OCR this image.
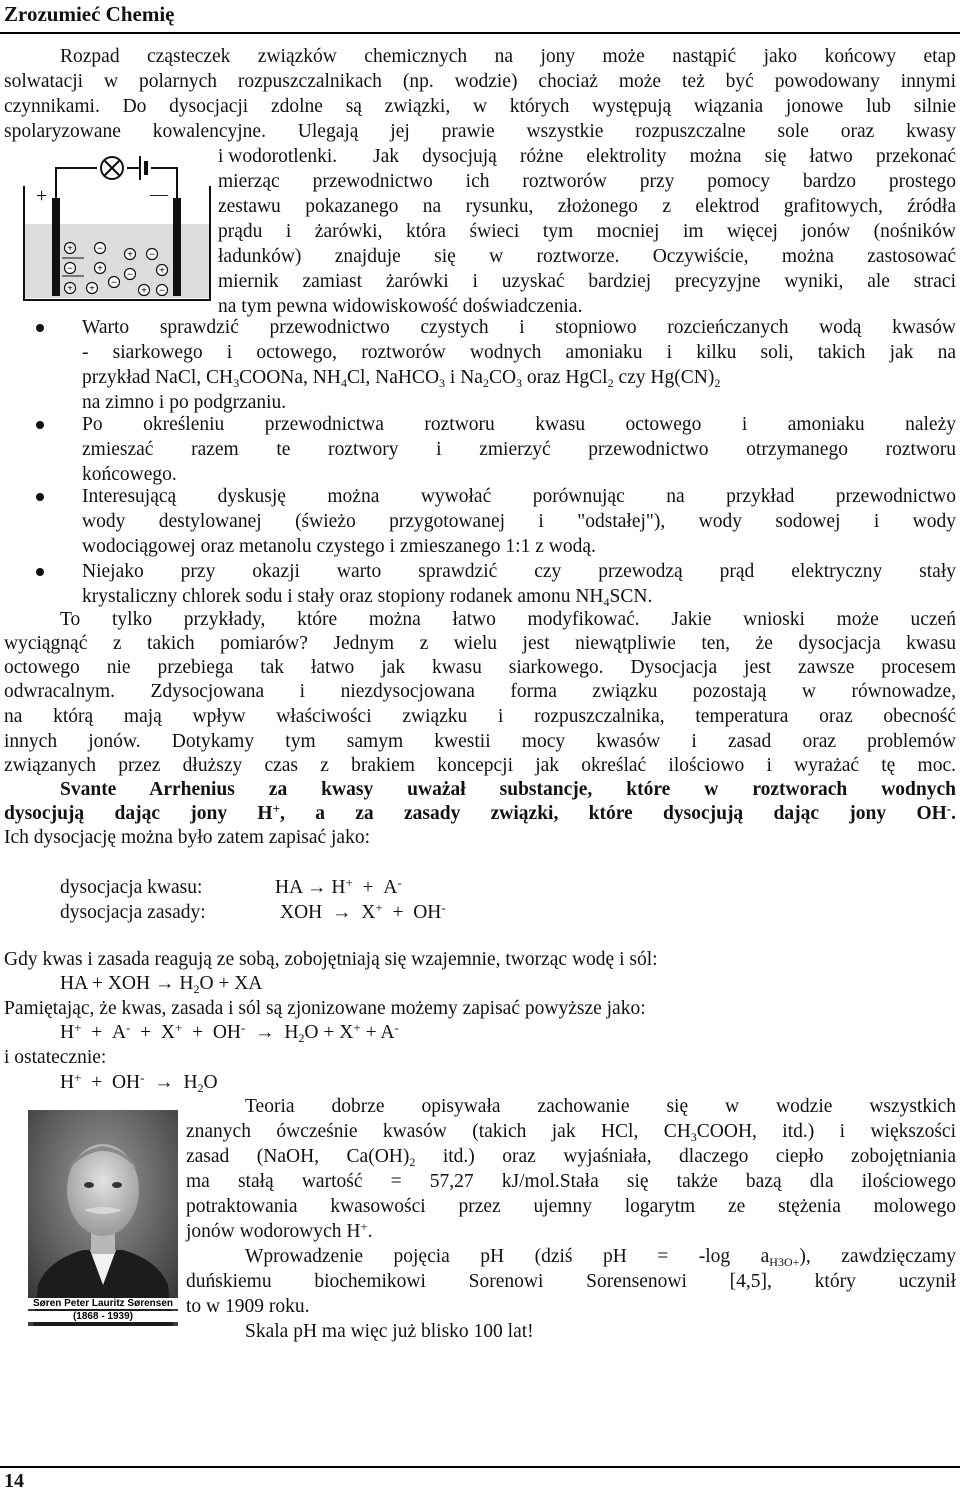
Zrozumieć Chemię
Rozpad cząsteczek związków chemicznych na jony może nastąpić jako końcowy etap
solwatacji w polarnych rozpuszczalnikach (np. wodzie) chociaż może też być powodowany innymi
czynnikami. Do dysocjacji zdolne są związki, w których występują wiązania jonowe lub silnie
spolaryzowane kowalencyjne. Ulegają jej prawie wszystkie rozpuszczalne sole oraz kwasy
i wodorotlenki.
+	—
+
−
+
−
+
−
+
−
+
−
+
−
+
Jak dysocjują różne elektrolity można się łatwo przekonać
mierząc przewodnictwo ich roztworów przy pomocy bardzo prostego
zestawu pokazanego na rysunku, złożonego z elektrod grafitowych, źródła
prądu i żarówki, która świeci tym mocniej im więcej jonów (nośników
ładunków) znajduje się w roztworze. Oczywiście, można zastosować
miernik zamiast żarówki i uzyskać bardziej precyzyjne wyniki, ale straci
na tym pewna widowiskowość doświadczenia.
Warto sprawdzić przewodnictwo czystych i stopniowo rozcieńczanych wodą kwasów
- siarkowego i octowego, roztworów wodnych amoniaku i kilku soli, takich jak na
przykład NaCl, $CH_3COONa$, $NH_4Cl$, NaHCO$_3$ i $Na_2CO_3$ oraz HgCl$_2$ czy $Hg(CN)_2$
na zimno i po podgrzaniu.
Po określeniu przewodnictwa roztworu kwasu octowego i amoniaku należy
zmieszać razem te roztwory i zmierzyć przewodnictwo otrzymanego roztworu
końcowego.
Interesującą dyskusję można wywołać porównując na przykład przewodnictwo
wody destylowanej (świeżo przygotowanej i "odstałej"), wody sodowej i wody
wodociągowej oraz metanolu czystego i zmieszanego 1:1 z wodą.
Niejako przy okazji warto sprawdzić czy przewodzą prąd elektryczny stały
krystaliczny chlorek sodu i stały oraz stopiony rodanek amonu $NH_4SCN$.
To tylko przykłady, które można łatwo modyfikować. Jakie wnioski może uczeń
wyciągnąć z takich pomiarów? Jednym z wielu jest niewątpliwie ten, że dysocjacja kwasu
octowego nie przebiega tak łatwo jak kwasu siarkowego. Dysocjacja jest zawsze procesem
odwracalnym. Zdysocjowana i niezdysocjowana forma związku pozostają w równowadze,
na którą mają wpływ właściwości związku i rozpuszczalnika, temperatura oraz obecność
innych jonów. Dotykamy tym samym kwestii mocy kwasów i zasad oraz problemów
związanych przez dłuższy czas z brakiem koncepcji jak określać ilościowo i wyrażać tę moc.
Svante Arrhenius za kwasy uważał substancje, które w roztworach wodnych
dysocjują dając jony H+, a za zasady związki, które dysocjują dając jony OH-.
Ich dysocjację można było zatem zapisać jako:
dysocjacja kwasu:	HA → H+ + A-
dysocjacja zasady:	XOH → X+ + OH-
Gdy kwas i zasada reagują ze sobą, zobojętniają się wzajemnie, tworząc wodę i sól:
HA + XOH → $H_2O$ + XA
Pamiętając, że kwas, zasada i sól są zjonizowane możemy zapisać powyższe jako:
$H^+ + A^- + X^+ + OH^- \to H_2O + X^+ + A^-$
i ostatecznie:
$H^+ + OH^- \to H_2O$
Søren Peter Lauritz Sørensen
(1868 - 1939)
Teoria dobrze opisywała zachowanie się w wodzie wszystkich
znanych ówcześnie kwasów (takich jak HCl, $CH_3COOH$, itd.) i większości
zasad (NaOH, $Ca(OH)_2$ itd.) oraz wyjaśniała, dlaczego ciepło zobojętniania
ma stałą wartość = 57,27 kJ/mol.Stała się także bazą dla ilościowego
potraktowania kwasowości przez ujemny logarytm ze stężenia molowego
jonów wodorowych H+.
Wprowadzenie pojęcia pH (dziś pH = -log $a_{H3O+}$), zawdzięczamy
duńskiemu biochemikowi Sorenowi Sorensenowi [4,5], który uczynił
to w 1909 roku.
Skala pH ma więc już blisko 100 lat!
14
